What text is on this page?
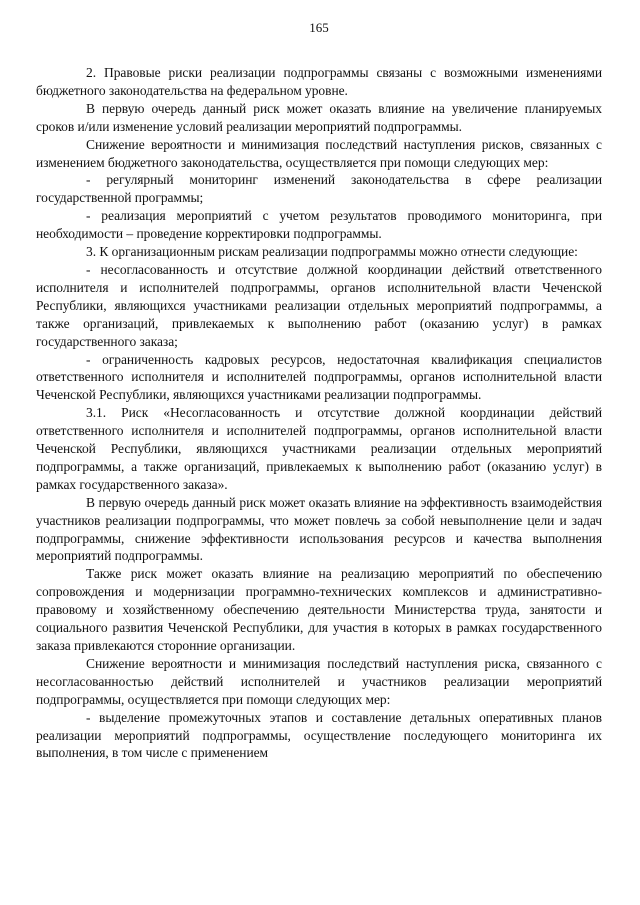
165

2. Правовые риски реализации подпрограммы связаны с возможными изменениями бюджетного законодательства на федеральном уровне.

В первую очередь данный риск может оказать влияние на увеличение планируемых сроков и/или изменение условий реализации мероприятий подпрограммы.

Снижение вероятности и минимизация последствий наступления рисков, связанных с изменением бюджетного законодательства, осуществляется при помощи следующих мер:

- регулярный мониторинг изменений законодательства в сфере реализации государственной программы;

- реализация мероприятий с учетом результатов проводимого мониторинга, при необходимости – проведение корректировки подпрограммы.

3. К организационным рискам реализации подпрограммы можно отнести следующие:

- несогласованность и отсутствие должной координации действий ответственного исполнителя и исполнителей подпрограммы, органов исполнительной власти Чеченской Республики, являющихся участниками реализации отдельных мероприятий подпрограммы, а также организаций, привлекаемых к выполнению работ (оказанию услуг) в рамках государственного заказа;

- ограниченность кадровых ресурсов, недостаточная квалификация специалистов ответственного исполнителя и исполнителей подпрограммы, органов исполнительной власти Чеченской Республики, являющихся участниками реализации подпрограммы.

3.1. Риск «Несогласованность и отсутствие должной координации действий ответственного исполнителя и исполнителей подпрограммы, органов исполнительной власти Чеченской Республики, являющихся участниками реализации отдельных мероприятий подпрограммы, а также организаций, привлекаемых к выполнению работ (оказанию услуг) в рамках государственного заказа».

В первую очередь данный риск может оказать влияние на эффективность взаимодействия участников реализации подпрограммы, что может повлечь за собой невыполнение цели и задач подпрограммы, снижение эффективности использования ресурсов и качества выполнения мероприятий подпрограммы.

Также риск может оказать влияние на реализацию мероприятий по обеспечению сопровождения и модернизации программно-технических комплексов и административно-правовому и хозяйственному обеспечению деятельности Министерства труда, занятости и социального развития Чеченской Республики, для участия в которых в рамках государственного заказа привлекаются сторонние организации.

Снижение вероятности и минимизация последствий наступления риска, связанного с несогласованностью действий исполнителей и участников реализации мероприятий подпрограммы, осуществляется при помощи следующих мер:

- выделение промежуточных этапов и составление детальных оперативных планов реализации мероприятий подпрограммы, осуществление последующего мониторинга их выполнения, в том числе с применением
